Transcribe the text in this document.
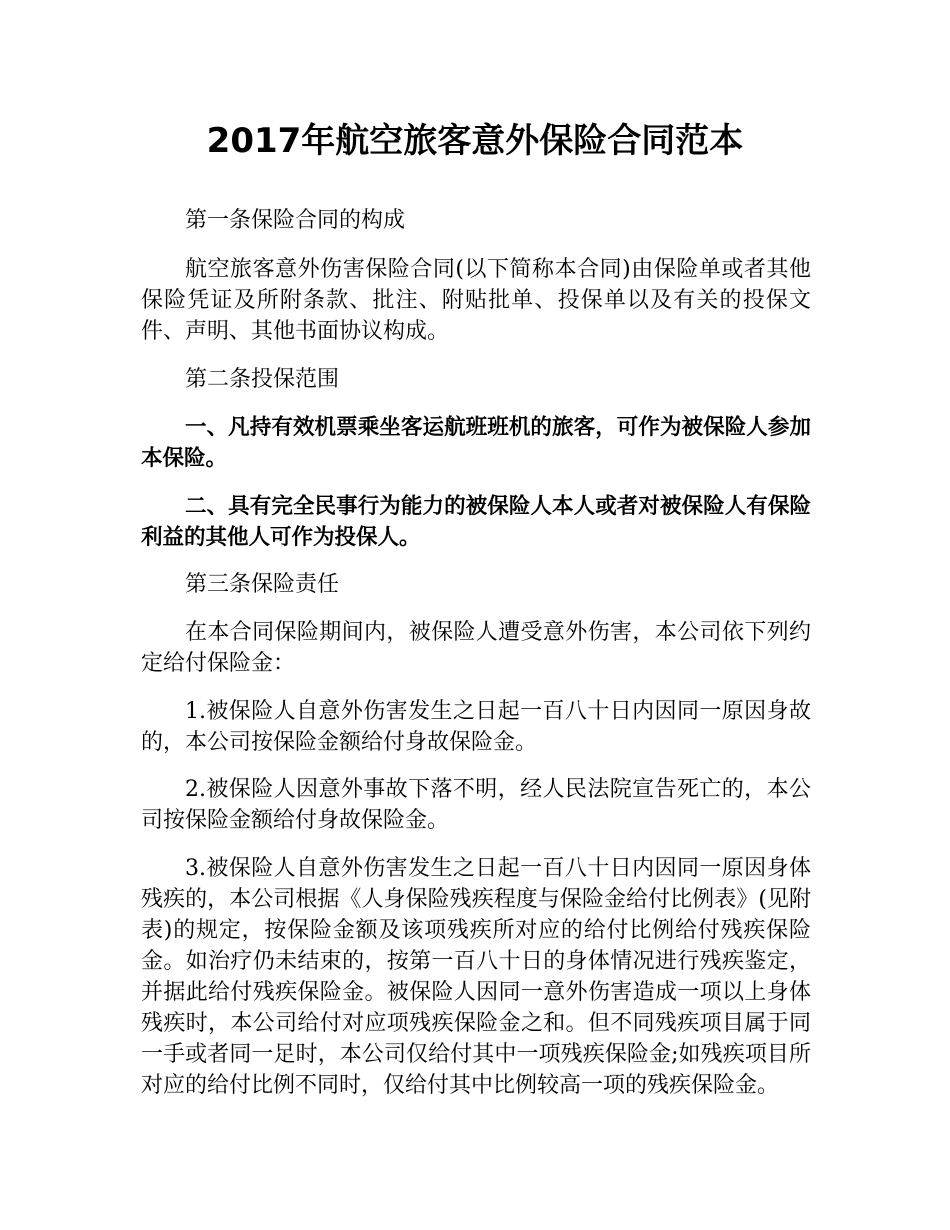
2017年航空旅客意外保险合同范本

第一条保险合同的构成

航空旅客意外伤害保险合同(以下简称本合同)由保险单或者其他保险凭证及所附条款、批注、附贴批单、投保单以及有关的投保文件、声明、其他书面协议构成。

第二条投保范围

一、凡持有效机票乘坐客运航班班机的旅客，可作为被保险人参加本保险。

二、具有完全民事行为能力的被保险人本人或者对被保险人有保险利益的其他人可作为投保人。

第三条保险责任

在本合同保险期间内，被保险人遭受意外伤害，本公司依下列约定给付保险金：

1.被保险人自意外伤害发生之日起一百八十日内因同一原因身故的，本公司按保险金额给付身故保险金。

2.被保险人因意外事故下落不明，经人民法院宣告死亡的，本公司按保险金额给付身故保险金。

3.被保险人自意外伤害发生之日起一百八十日内因同一原因身体残疾的，本公司根据《人身保险残疾程度与保险金给付比例表》(见附表)的规定，按保险金额及该项残疾所对应的给付比例给付残疾保险金。如治疗仍未结束的，按第一百八十日的身体情况进行残疾鉴定，并据此给付残疾保险金。被保险人因同一意外伤害造成一项以上身体残疾时，本公司给付对应项残疾保险金之和。但不同残疾项目属于同一手或者同一足时，本公司仅给付其中一项残疾保险金;如残疾项目所对应的给付比例不同时，仅给付其中比例较高一项的残疾保险金。
